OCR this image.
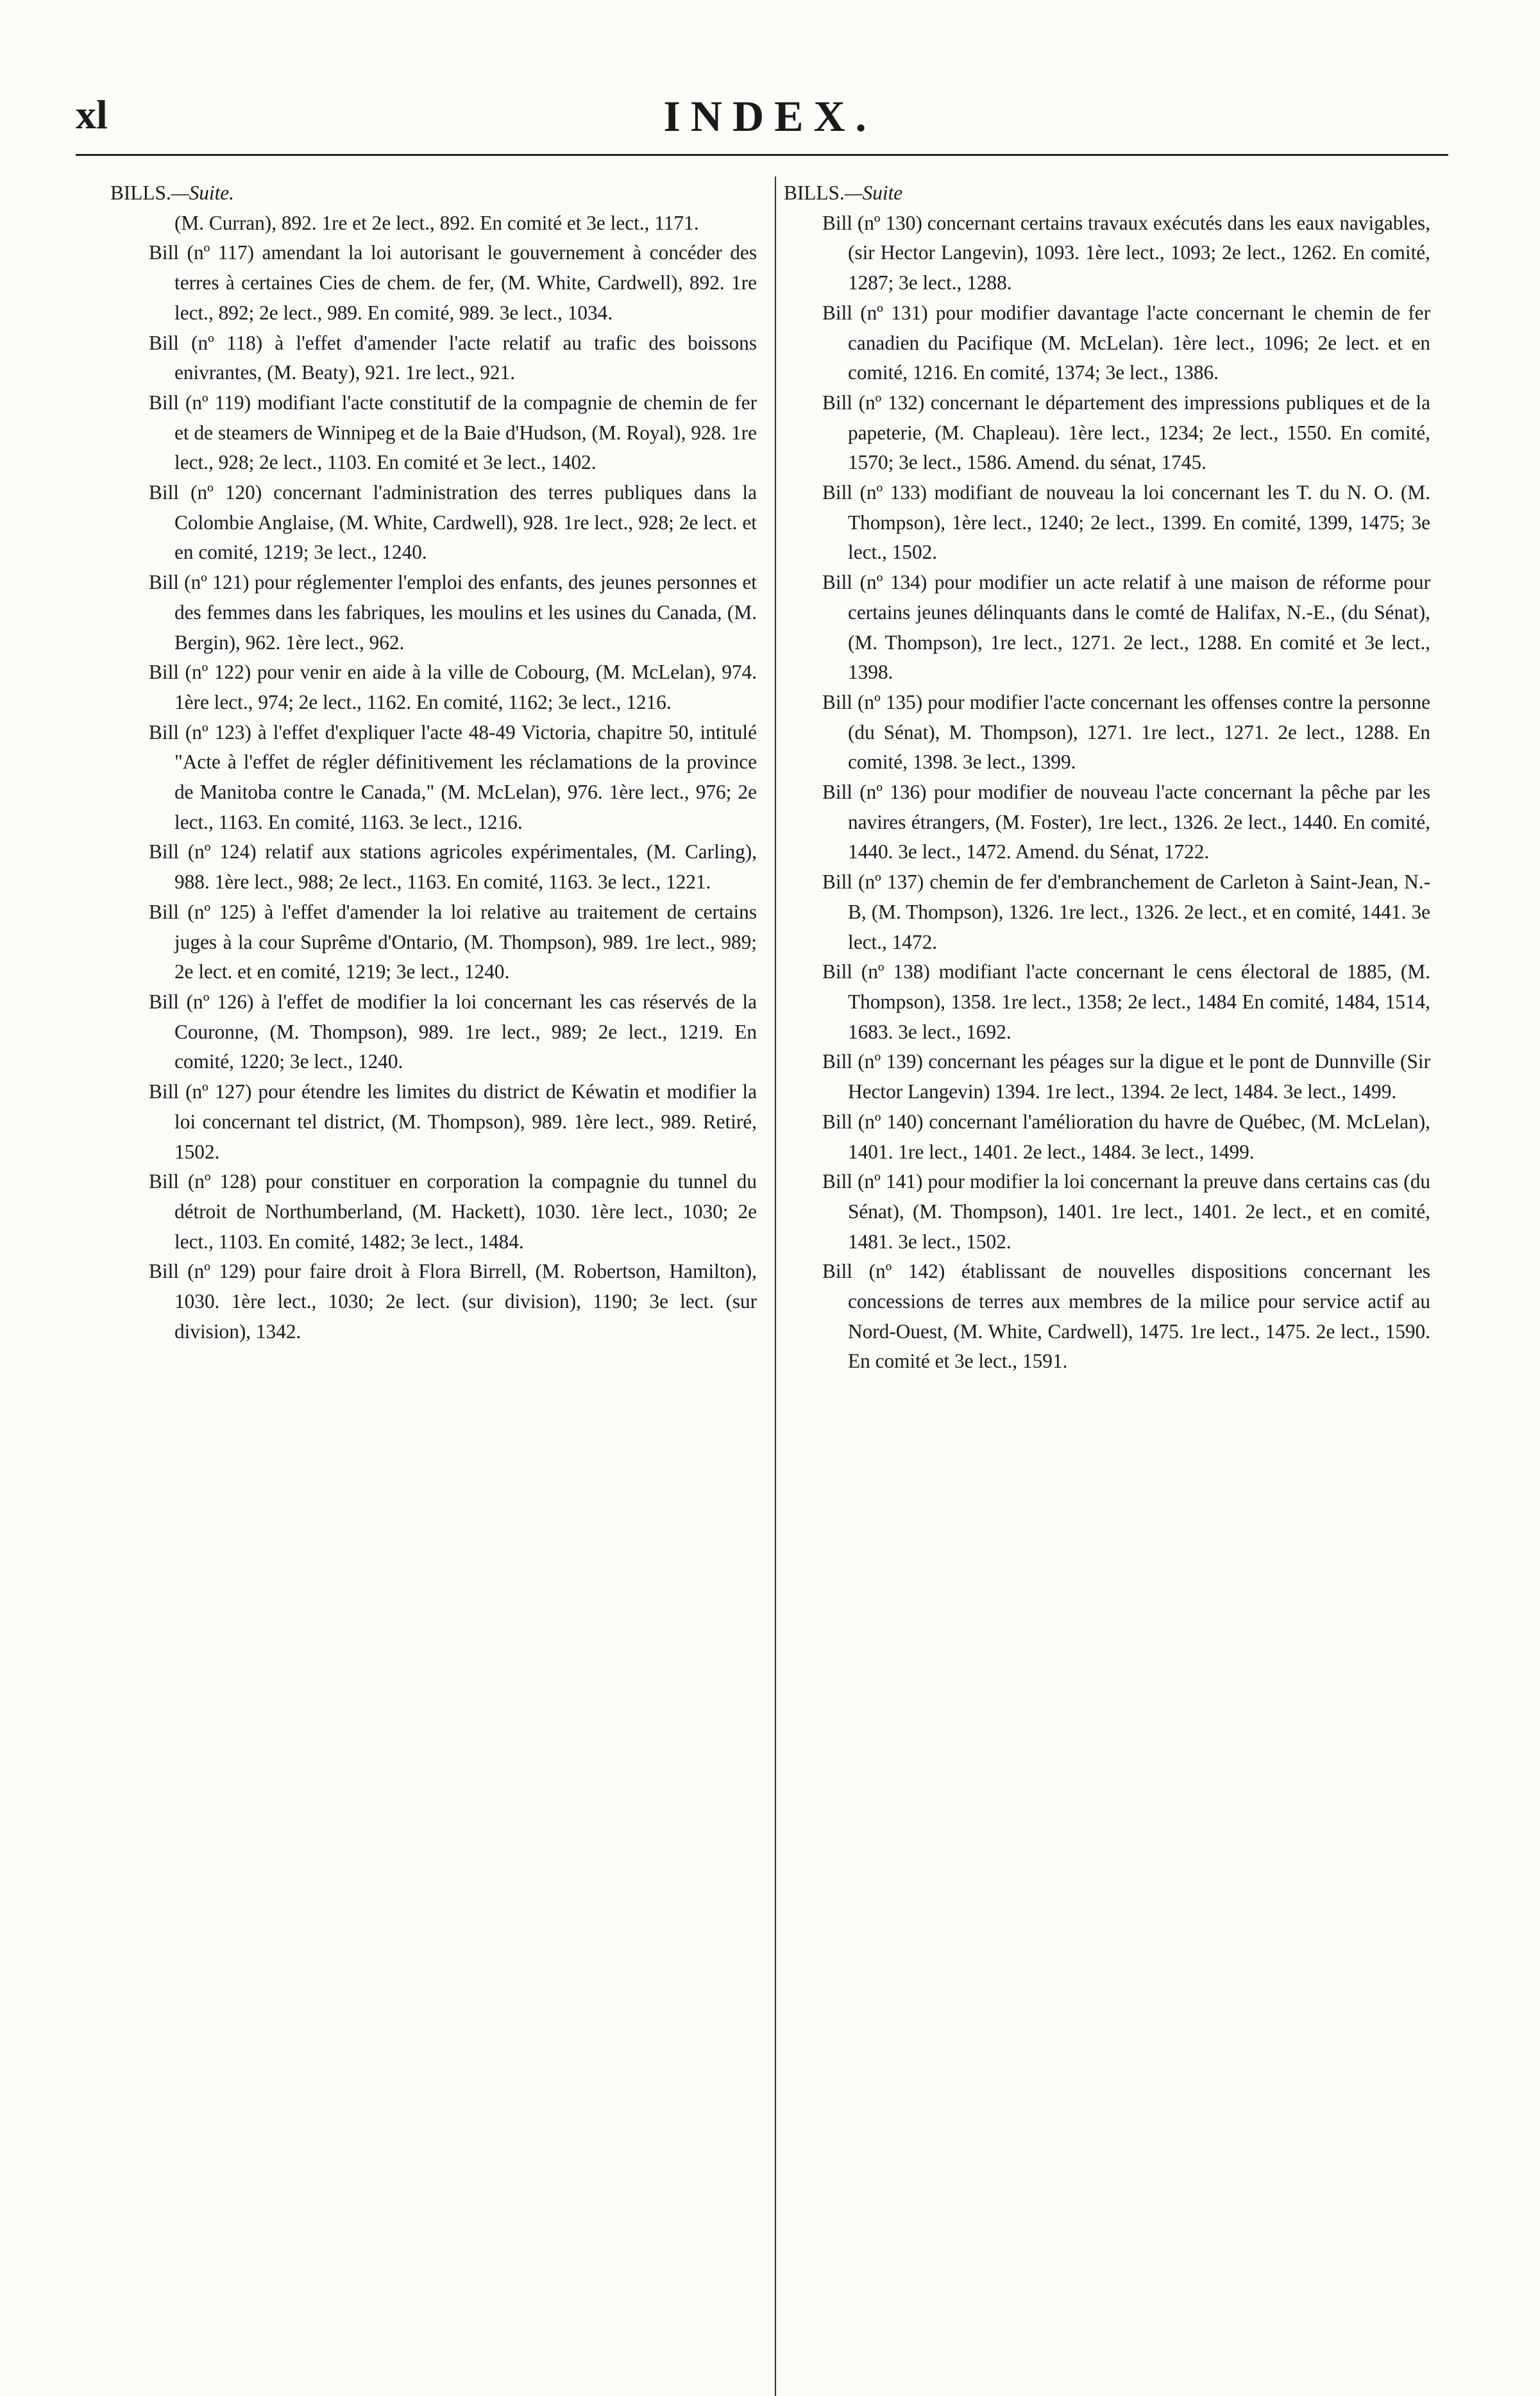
xl	INDEX.
BILLS.—Suite.
(M. Curran), 892. 1re et 2e lect., 892. En comité et 3e lect., 1171.
Bill (nº 117) amendant la loi autorisant le gouvernement à concéder des terres à certaines Cies de chem. de fer, (M. White, Cardwell), 892. 1re lect., 892; 2e lect., 989. En comité, 989. 3e lect., 1034.
Bill (nº 118) à l'effet d'amender l'acte relatif au trafic des boissons enivrantes, (M. Beaty), 921. 1re lect., 921.
Bill (nº 119) modifiant l'acte constitutif de la compagnie de chemin de fer et de steamers de Winnipeg et de la Baie d'Hudson, (M. Royal), 928. 1re lect., 928; 2e lect., 1103. En comité et 3e lect., 1402.
Bill (nº 120) concernant l'administration des terres publiques dans la Colombie Anglaise, (M. White, Cardwell), 928. 1re lect., 928; 2e lect. et en comité, 1219; 3e lect., 1240.
Bill (nº 121) pour réglementer l'emploi des enfants, des jeunes personnes et des femmes dans les fabriques, les moulins et les usines du Canada, (M. Bergin), 962. 1ère lect., 962.
Bill (nº 122) pour venir en aide à la ville de Cobourg, (M. McLelan), 974. 1ère lect., 974; 2e lect., 1162. En comité, 1162; 3e lect., 1216.
Bill (nº 123) à l'effet d'expliquer l'acte 48-49 Victoria, chapitre 50, intitulé "Acte à l'effet de régler définitivement les réclamations de la province de Manitoba contre le Canada," (M. McLelan), 976. 1ère lect., 976; 2e lect., 1163. En comité, 1163. 3e lect., 1216.
Bill (nº 124) relatif aux stations agricoles expérimentales, (M. Carling), 988. 1ère lect., 988; 2e lect., 1163. En comité, 1163. 3e lect., 1221.
Bill (nº 125) à l'effet d'amender la loi relative au traitement de certains juges à la cour Suprême d'Ontario, (M. Thompson), 989. 1re lect., 989; 2e lect. et en comité, 1219; 3e lect., 1240.
Bill (nº 126) à l'effet de modifier la loi concernant les cas réservés de la Couronne, (M. Thompson), 989. 1re lect., 989; 2e lect., 1219. En comité, 1220; 3e lect., 1240.
Bill (nº 127) pour étendre les limites du district de Kéwatin et modifier la loi concernant tel district, (M. Thompson), 989. 1ère lect., 989. Retiré, 1502.
Bill (nº 128) pour constituer en corporation la compagnie du tunnel du détroit de Northumberland, (M. Hackett), 1030. 1ère lect., 1030; 2e lect., 1103. En comité, 1482; 3e lect., 1484.
Bill (nº 129) pour faire droit à Flora Birrell, (M. Robertson, Hamilton), 1030. 1ère lect., 1030; 2e lect. (sur division), 1190; 3e lect. (sur division), 1342.
BILLS.—Suite
Bill (nº 130) concernant certains travaux exécutés dans les eaux navigables, (sir Hector Langevin), 1093. 1ère lect., 1093; 2e lect., 1262. En comité, 1287; 3e lect., 1288.
Bill (nº 131) pour modifier davantage l'acte concernant le chemin de fer canadien du Pacifique (M. McLelan). 1ère lect., 1096; 2e lect. et en comité, 1216. En comité, 1374; 3e lect., 1386.
Bill (nº 132) concernant le département des impressions publiques et de la papeterie, (M. Chapleau). 1ère lect., 1234; 2e lect., 1550. En comité, 1570; 3e lect., 1586. Amend. du sénat, 1745.
Bill (nº 133) modifiant de nouveau la loi concernant les T. du N. O. (M. Thompson), 1ère lect., 1240; 2e lect., 1399. En comité, 1399, 1475; 3e lect., 1502.
Bill (nº 134) pour modifier un acte relatif à une maison de réforme pour certains jeunes délinquants dans le comté de Halifax, N.-E., (du Sénat), (M. Thompson), 1re lect., 1271. 2e lect., 1288. En comité et 3e lect., 1398.
Bill (nº 135) pour modifier l'acte concernant les offenses contre la personne (du Sénat), M. Thompson), 1271. 1re lect., 1271. 2e lect., 1288. En comité, 1398. 3e lect., 1399.
Bill (nº 136) pour modifier de nouveau l'acte concernant la pêche par les navires étrangers, (M. Foster), 1re lect., 1326. 2e lect., 1440. En comité, 1440. 3e lect., 1472. Amend. du Sénat, 1722.
Bill (nº 137) chemin de fer d'embranchement de Carleton à Saint-Jean, N.-B, (M. Thompson), 1326. 1re lect., 1326. 2e lect., et en comité, 1441. 3e lect., 1472.
Bill (nº 138) modifiant l'acte concernant le cens électoral de 1885, (M. Thompson), 1358. 1re lect., 1358; 2e lect., 1484 En comité, 1484, 1514, 1683. 3e lect., 1692.
Bill (nº 139) concernant les péages sur la digue et le pont de Dunnville (Sir Hector Langevin) 1394. 1re lect., 1394. 2e lect, 1484. 3e lect., 1499.
Bill (nº 140) concernant l'amélioration du havre de Québec, (M. McLelan), 1401. 1re lect., 1401. 2e lect., 1484. 3e lect., 1499.
Bill (nº 141) pour modifier la loi concernant la preuve dans certains cas (du Sénat), (M. Thompson), 1401. 1re lect., 1401. 2e lect., et en comité, 1481. 3e lect., 1502.
Bill (nº 142) établissant de nouvelles dispositions concernant les concessions de terres aux membres de la milice pour service actif au Nord-Ouest, (M. White, Cardwell), 1475. 1re lect., 1475. 2e lect., 1590. En comité et 3e lect., 1591.
